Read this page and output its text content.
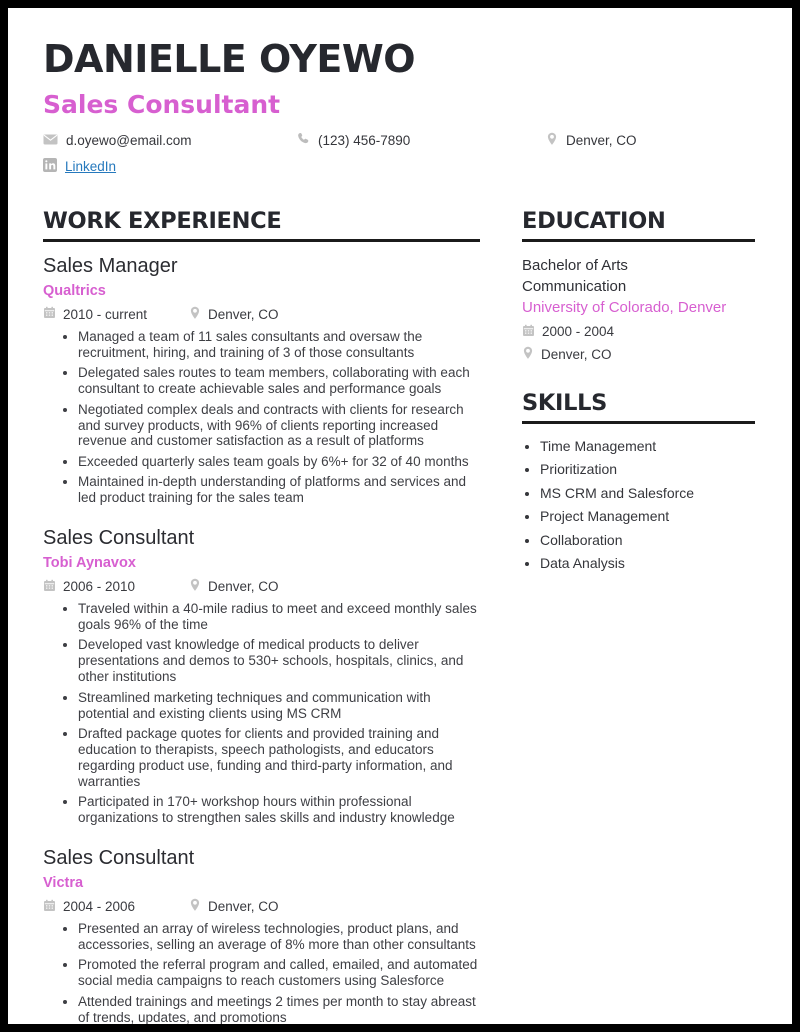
DANIELLE OYEWO
Sales Consultant
d.oyewo@email.com	(123) 456-7890	Denver, CO
LinkedIn
WORK EXPERIENCE
Sales Manager
Qualtrics
2010 - current	Denver, CO
• Managed a team of 11 sales consultants and oversaw the recruitment, hiring, and training of 3 of those consultants
• Delegated sales routes to team members, collaborating with each consultant to create achievable sales and performance goals
• Negotiated complex deals and contracts with clients for research and survey products, with 96% of clients reporting increased revenue and customer satisfaction as a result of platforms
• Exceeded quarterly sales team goals by 6%+ for 32 of 40 months
• Maintained in-depth understanding of platforms and services and led product training for the sales team
Sales Consultant
Tobi Aynavox
2006 - 2010	Denver, CO
• Traveled within a 40-mile radius to meet and exceed monthly sales goals 96% of the time
• Developed vast knowledge of medical products to deliver presentations and demos to 530+ schools, hospitals, clinics, and other institutions
• Streamlined marketing techniques and communication with potential and existing clients using MS CRM
• Drafted package quotes for clients and provided training and education to therapists, speech pathologists, and educators regarding product use, funding and third-party information, and warranties
• Participated in 170+ workshop hours within professional organizations to strengthen sales skills and industry knowledge
Sales Consultant
Victra
2004 - 2006	Denver, CO
• Presented an array of wireless technologies, product plans, and accessories, selling an average of 8% more than other consultants
• Promoted the referral program and called, emailed, and automated social media campaigns to reach customers using Salesforce
• Attended trainings and meetings 2 times per month to stay abreast of trends, updates, and promotions
EDUCATION
Bachelor of Arts
Communication
University of Colorado, Denver
2000 - 2004
Denver, CO
SKILLS
• Time Management
• Prioritization
• MS CRM and Salesforce
• Project Management
• Collaboration
• Data Analysis
